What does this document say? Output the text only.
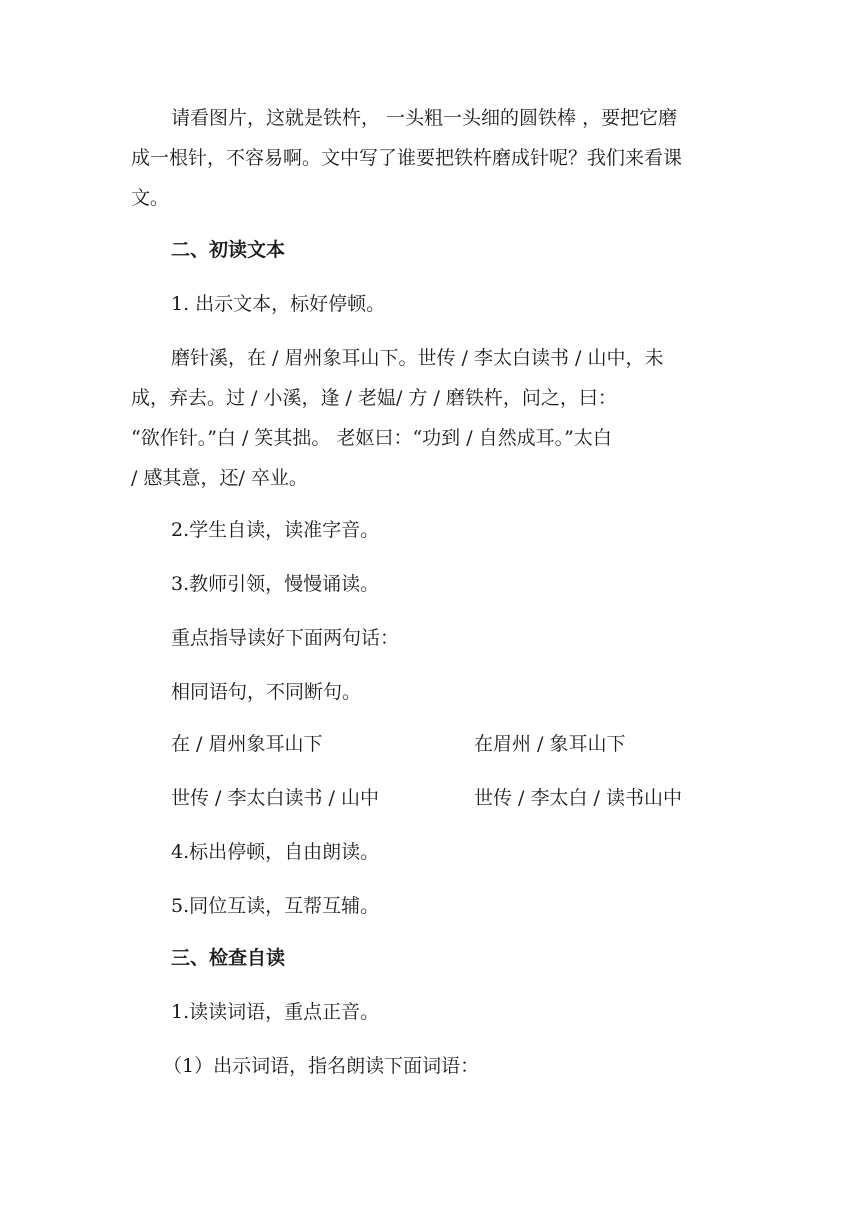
请看图片，这就是铁杵， 一头粗一头细的圆铁棒 ，要把它磨
成一根针，不容易啊。文中写了谁要把铁杵磨成针呢？我们来看课
文。
二、初读文本
1. 出示文本，标好停顿。
磨针溪，在 / 眉州象耳山下。世传 / 李太白读书 / 山中，未
成，弃去。过 / 小溪，逢 / 老媪/ 方 / 磨铁杵，问之，曰：
“欲作针。”白 / 笑其拙。 老妪曰：“功到 / 自然成耳。”太白
/ 感其意，还/ 卒业。
2.学生自读，读准字音。
3.教师引领，慢慢诵读。
重点指导读好下面两句话：
相同语句，不同断句。
在 / 眉州象耳山下	在眉州 / 象耳山下
世传 / 李太白读书 / 山中	世传 / 李太白 / 读书山中
4.标出停顿，自由朗读。
5.同位互读，互帮互辅。
三、检查自读
1.读读词语，重点正音。
（1）出示词语，指名朗读下面词语：
